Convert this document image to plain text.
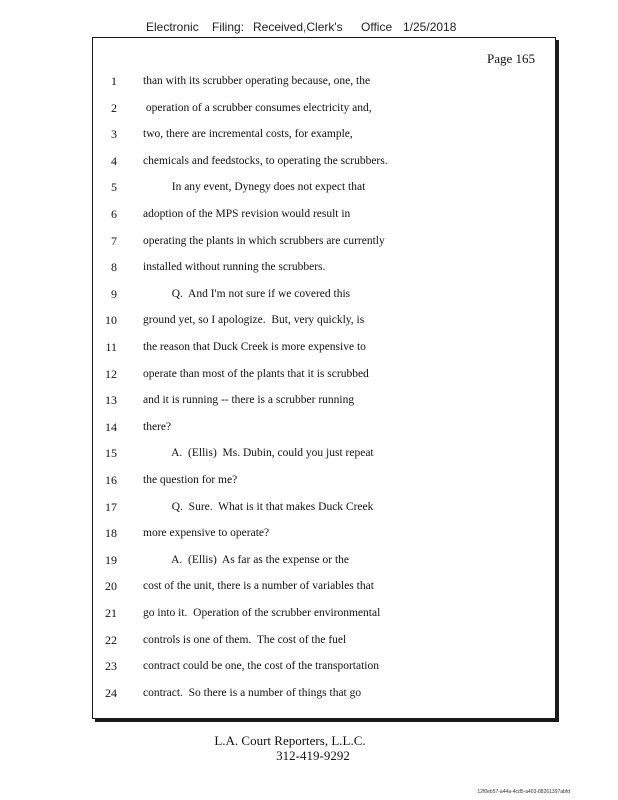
Electronic Filing: Received,Clerk's Office 1/25/2018
Page 165
1 than with its scrubber operating because, one, the
2 operation of a scrubber consumes electricity and,
3 two, there are incremental costs, for example,
4 chemicals and feedstocks, to operating the scrubbers.
5 In any event, Dynegy does not expect that
6 adoption of the MPS revision would result in
7 operating the plants in which scrubbers are currently
8 installed without running the scrubbers.
9 Q.  And I'm not sure if we covered this
10 ground yet, so I apologize.  But, very quickly, is
11 the reason that Duck Creek is more expensive to
12 operate than most of the plants that it is scrubbed
13 and it is running -- there is a scrubber running
14 there?
15 A.  (Ellis)  Ms. Dubin, could you just repeat
16 the question for me?
17 Q.  Sure.  What is it that makes Duck Creek
18 more expensive to operate?
19 A.  (Ellis)  As far as the expense or the
20 cost of the unit, there is a number of variables that
21 go into it.  Operation of the scrubber environmental
22 controls is one of them.  The cost of the fuel
23 contract could be one, the cost of the transportation
24 contract.  So there is a number of things that go
L.A. Court Reporters, L.L.C.
312-419-9292
12f0eb57-a44a-4cd5-a403-88261397abfd
